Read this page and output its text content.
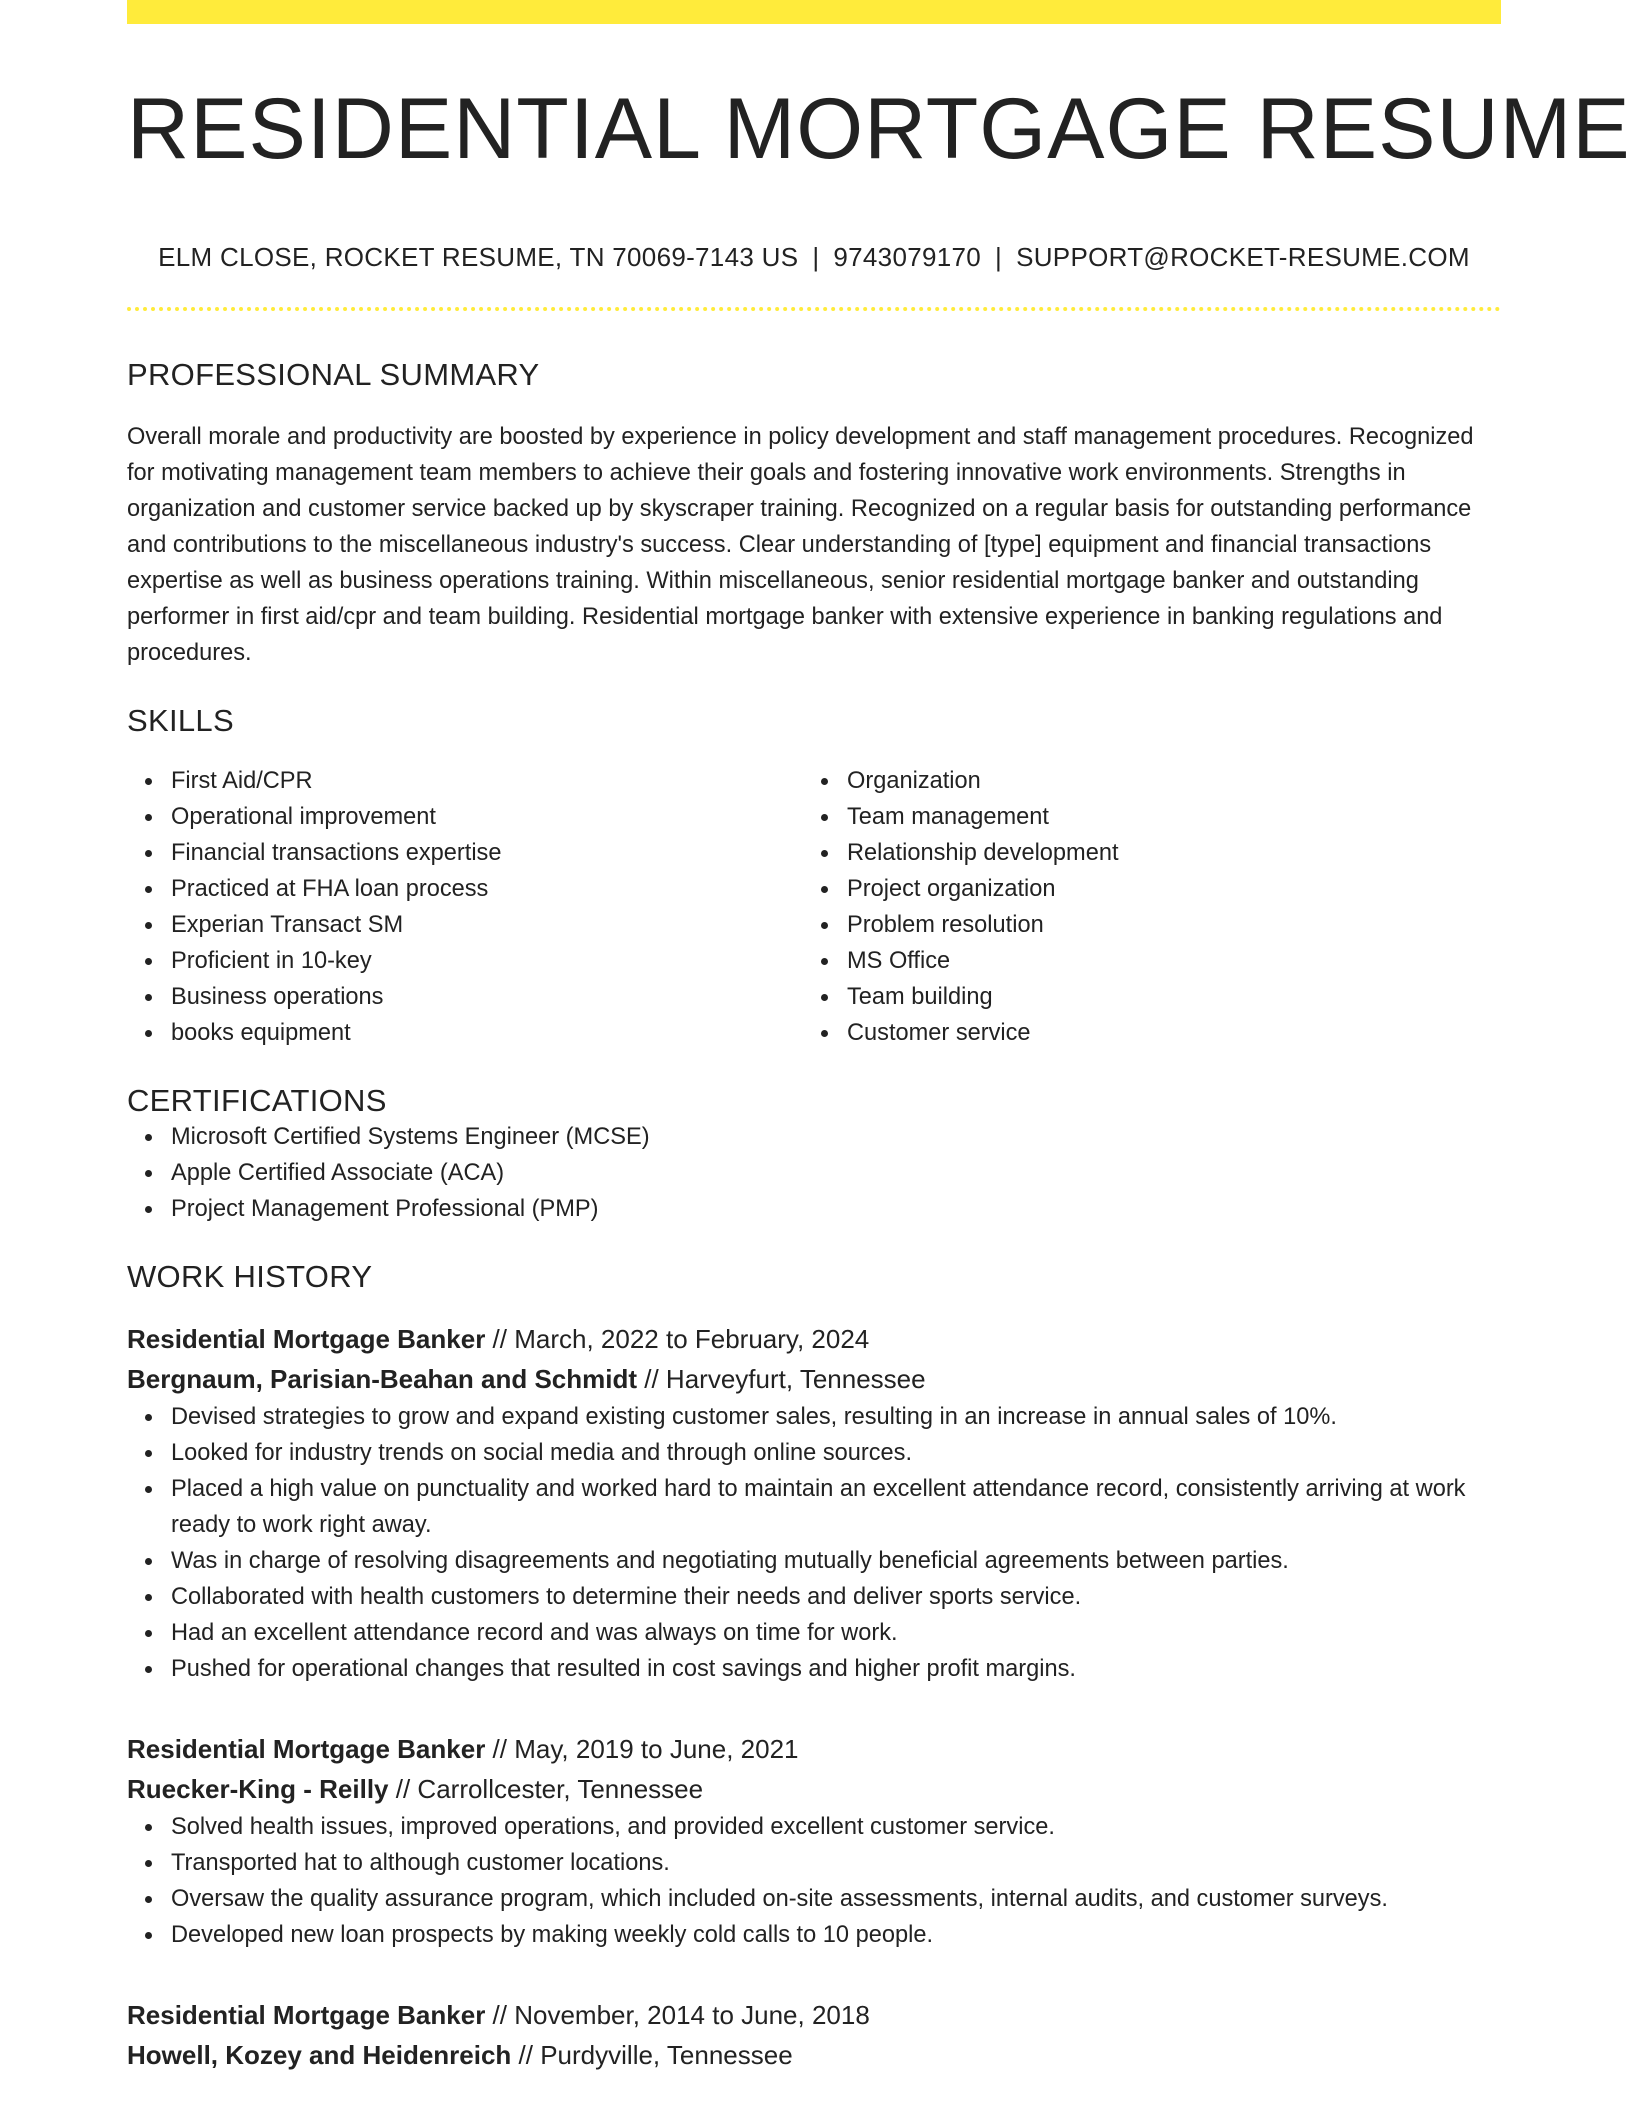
RESIDENTIAL MORTGAGE RESUME
ELM CLOSE, ROCKET RESUME, TN 70069-7143 US | 9743079170 | SUPPORT@ROCKET-RESUME.COM
PROFESSIONAL SUMMARY

Overall morale and productivity are boosted by experience in policy development and staff management procedures. Recognized for motivating management team members to achieve their goals and fostering innovative work environments. Strengths in organization and customer service backed up by skyscraper training. Recognized on a regular basis for outstanding performance and contributions to the miscellaneous industry's success. Clear understanding of [type] equipment and financial transactions expertise as well as business operations training. Within miscellaneous, senior residential mortgage banker and outstanding performer in first aid/cpr and team building. Residential mortgage banker with extensive experience in banking regulations and procedures.

SKILLS
First Aid/CPR
Operational improvement
Financial transactions expertise
Practiced at FHA loan process
Experian Transact SM
Proficient in 10-key
Business operations
books equipment
Organization
Team management
Relationship development
Project organization
Problem resolution
MS Office
Team building
Customer service
CERTIFICATIONS
Microsoft Certified Systems Engineer (MCSE)
Apple Certified Associate (ACA)
Project Management Professional (PMP)
WORK HISTORY
Residential Mortgage Banker // March, 2022 to February, 2024
Bergnaum, Parisian-Beahan and Schmidt // Harveyfurt, Tennessee
Devised strategies to grow and expand existing customer sales, resulting in an increase in annual sales of 10%.
Looked for industry trends on social media and through online sources.
Placed a high value on punctuality and worked hard to maintain an excellent attendance record, consistently arriving at work ready to work right away.
Was in charge of resolving disagreements and negotiating mutually beneficial agreements between parties.
Collaborated with health customers to determine their needs and deliver sports service.
Had an excellent attendance record and was always on time for work.
Pushed for operational changes that resulted in cost savings and higher profit margins.
Residential Mortgage Banker // May, 2019 to June, 2021
Ruecker-King - Reilly // Carrollcester, Tennessee
Solved health issues, improved operations, and provided excellent customer service.
Transported hat to although customer locations.
Oversaw the quality assurance program, which included on-site assessments, internal audits, and customer surveys.
Developed new loan prospects by making weekly cold calls to 10 people.
Residential Mortgage Banker // November, 2014 to June, 2018
Howell, Kozey and Heidenreich // Purdyville, Tennessee
